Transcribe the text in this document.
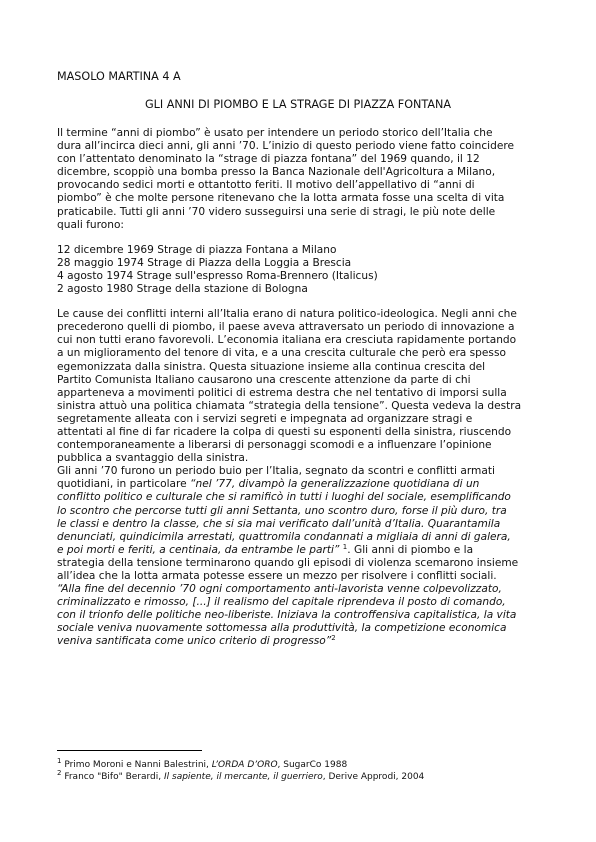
MASOLO MARTINA 4 A
GLI ANNI DI PIOMBO E LA STRAGE DI PIAZZA FONTANA

Il termine “anni di piombo” è usato per intendere un periodo storico dell’Italia che
dura all’incirca dieci anni, gli anni ’70. L’inizio di questo periodo viene fatto coincidere
con l’attentato denominato la “strage di piazza fontana” del 1969 quando, il 12
dicembre, scoppiò una bomba presso la Banca Nazionale dell'Agricoltura a Milano,
provocando sedici morti e ottantotto feriti. Il motivo dell’appellativo di “anni di
piombo” è che molte persone ritenevano che la lotta armata fosse una scelta di vita
praticabile. Tutti gli anni ’70 videro susseguirsi una serie di stragi, le più note delle
quali furono:

12 dicembre 1969 Strage di piazza Fontana a Milano
28 maggio 1974 Strage di Piazza della Loggia a Brescia
4 agosto 1974 Strage sull'espresso Roma-Brennero (Italicus)
2 agosto 1980 Strage della stazione di Bologna

Le cause dei conflitti interni all’Italia erano di natura politico-ideologica. Negli anni che
precederono quelli di piombo, il paese aveva attraversato un periodo di innovazione a
cui non tutti erano favorevoli. L’economia italiana era cresciuta rapidamente portando
a un miglioramento del tenore di vita, e a una crescita culturale che però era spesso
egemonizzata dalla sinistra. Questa situazione insieme alla continua crescita del
Partito Comunista Italiano causarono una crescente attenzione da parte di chi
apparteneva a movimenti politici di estrema destra che nel tentativo di imporsi sulla
sinistra attuò una politica chiamata “strategia della tensione”. Questa vedeva la destra
segretamente alleata con i servizi segreti e impegnata ad organizzare stragi e
attentati al fine di far ricadere la colpa di questi su esponenti della sinistra, riuscendo
contemporaneamente a liberarsi di personaggi scomodi e a influenzare l’opinione
pubblica a svantaggio della sinistra.

Gli anni ’70 furono un periodo buio per l’Italia, segnato da scontri e conflitti armati
quotidiani, in particolare “nel ’77, divampò la generalizzazione quotidiana di un
conflitto politico e culturale che si ramificò in tutti i luoghi del sociale, esemplificando
lo scontro che percorse tutti gli anni Settanta, uno scontro duro, forse il più duro, tra
le classi e dentro la classe, che si sia mai verificato dall’unità d’Italia. Quarantamila
denunciati, quindicimila arrestati, quattromila condannati a migliaia di anni di galera,
e poi morti e feriti, a centinaia, da entrambe le parti” $^1$. Gli anni di piombo e la
strategia della tensione terminarono quando gli episodi di violenza scemarono insieme
all’idea che la lotta armata potesse essere un mezzo per risolvere i conflitti sociali.
“Alla fine del decennio ’70 ogni comportamento anti-lavorista venne colpevolizzato,
criminalizzato e rimosso, [...] il realismo del capitale riprendeva il posto di comando,
con il trionfo delle politiche neo-liberiste. Iniziava la controffensiva capitalistica, la vita
sociale veniva nuovamente sottomessa alla produttività, la competizione economica
veniva santificata come unico criterio di progresso”$^2$

$^1$ Primo Moroni e Nanni Balestrini, L’ORDA D’ORO, SugarCo 1988
$^2$ Franco "Bifo" Berardi, Il sapiente, il mercante, il guerriero, Derive Approdi, 2004
